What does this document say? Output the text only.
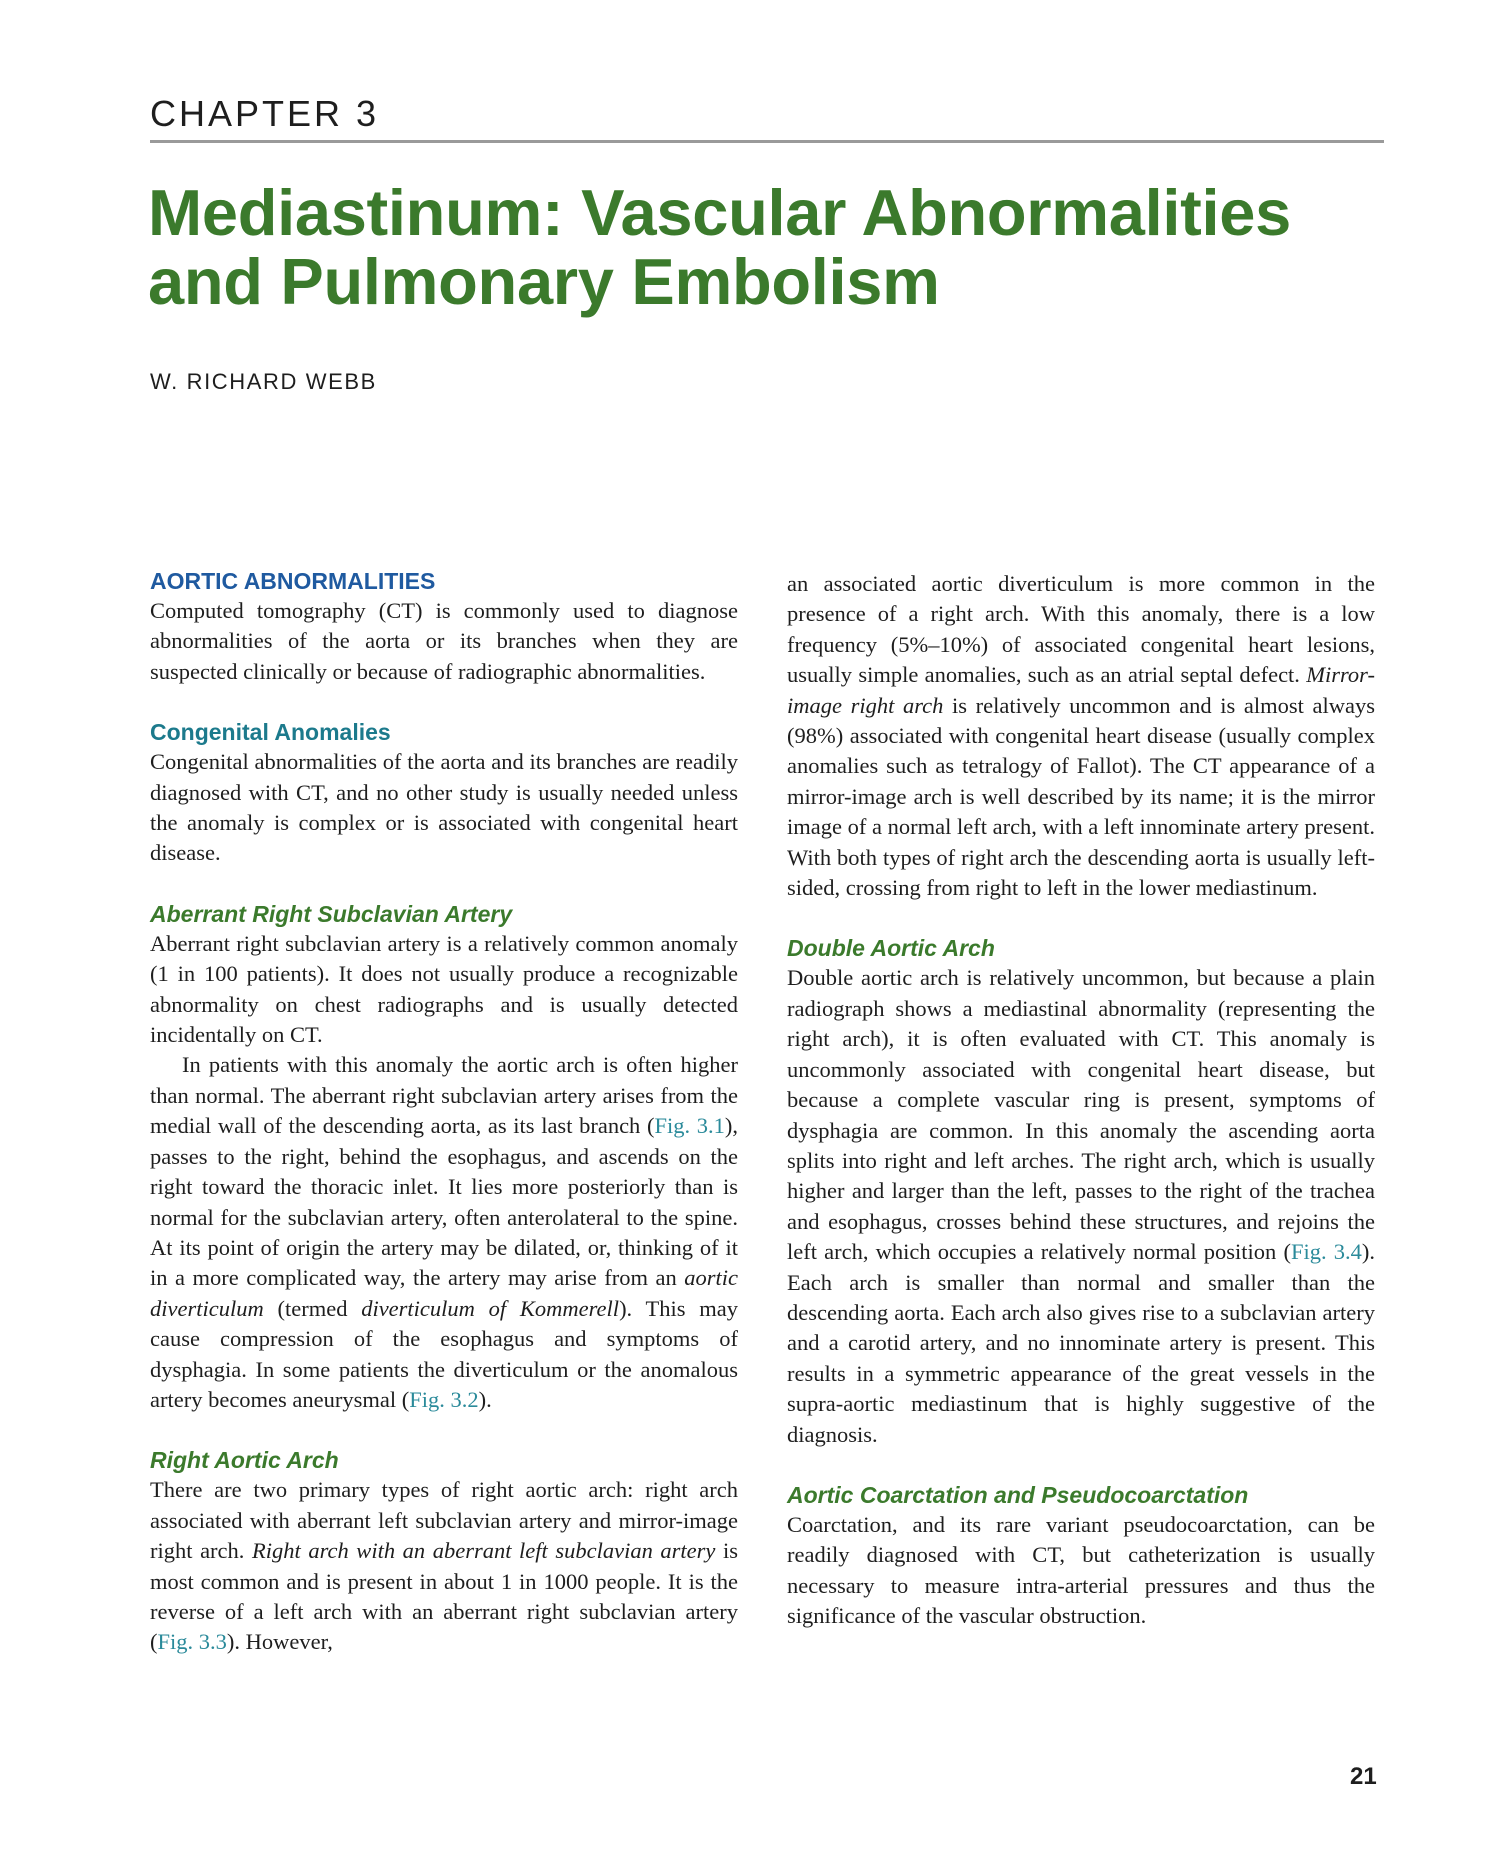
CHAPTER 3
Mediastinum: Vascular Abnormalities
and Pulmonary Embolism
W. RICHARD WEBB
AORTIC ABNORMALITIES

Computed tomography (CT) is commonly used to diagnose abnormalities of the aorta or its branches when they are suspected clinically or because of radiographic abnormalities.

Congenital Anomalies

Congenital abnormalities of the aorta and its branches are readily diagnosed with CT, and no other study is usually needed unless the anomaly is complex or is associated with congenital heart disease.

Aberrant Right Subclavian Artery

Aberrant right subclavian artery is a relatively common anomaly (1 in 100 patients). It does not usually produce a recognizable abnormality on chest radiographs and is usually detected incidentally on CT.

In patients with this anomaly the aortic arch is often higher than normal. The aberrant right subclavian artery arises from the medial wall of the descending aorta, as its last branch (Fig. 3.1), passes to the right, behind the esophagus, and ascends on the right toward the thoracic inlet. It lies more posteriorly than is normal for the subclavian artery, often anterolateral to the spine. At its point of origin the artery may be dilated, or, thinking of it in a more complicated way, the artery may arise from an aortic diverticulum (termed diverticulum of Kommerell). This may cause compression of the esophagus and symptoms of dysphagia. In some patients the diverticulum or the anomalous artery becomes aneurysmal (Fig. 3.2).

Right Aortic Arch

There are two primary types of right aortic arch: right arch associated with aberrant left subclavian artery and mirror-image right arch. Right arch with an aberrant left subclavian artery is most common and is present in about 1 in 1000 people. It is the reverse of a left arch with an aberrant right subclavian artery (Fig. 3.3). However,

an associated aortic diverticulum is more common in the presence of a right arch. With this anomaly, there is a low frequency (5%–10%) of associated congenital heart lesions, usually simple anomalies, such as an atrial septal defect. Mirror-image right arch is relatively uncommon and is almost always (98%) associated with congenital heart disease (usually complex anomalies such as tetralogy of Fallot). The CT appearance of a mirror-image arch is well described by its name; it is the mirror image of a normal left arch, with a left innominate artery present. With both types of right arch the descending aorta is usually left-sided, crossing from right to left in the lower mediastinum.

Double Aortic Arch

Double aortic arch is relatively uncommon, but because a plain radiograph shows a mediastinal abnormality (representing the right arch), it is often evaluated with CT. This anomaly is uncommonly associated with congenital heart disease, but because a complete vascular ring is present, symptoms of dysphagia are common. In this anomaly the ascending aorta splits into right and left arches. The right arch, which is usually higher and larger than the left, passes to the right of the trachea and esophagus, crosses behind these structures, and rejoins the left arch, which occupies a relatively normal position (Fig. 3.4). Each arch is smaller than normal and smaller than the descending aorta. Each arch also gives rise to a subclavian artery and a carotid artery, and no innominate artery is present. This results in a symmetric appearance of the great vessels in the supra-aortic mediastinum that is highly suggestive of the diagnosis.

Aortic Coarctation and Pseudocoarctation

Coarctation, and its rare variant pseudocoarctation, can be readily diagnosed with CT, but catheterization is usually necessary to measure intra-arterial pressures and thus the significance of the vascular obstruction.

21
